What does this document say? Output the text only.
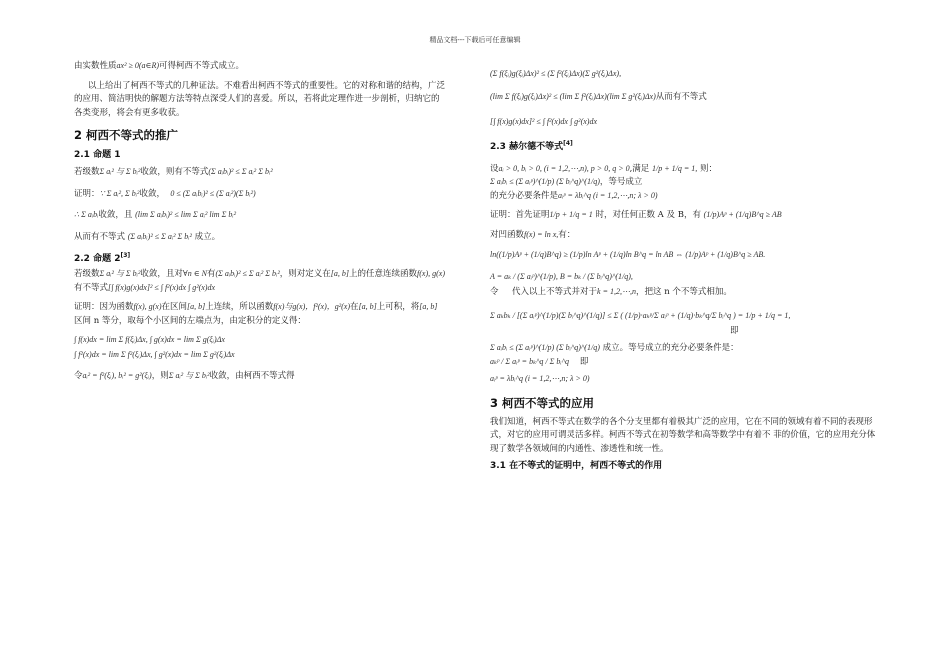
精品文档---下载后可任意编辑

由实数性质ax² ≥ 0(a∈R)可得柯西不等式成立。

以上给出了柯西不等式的几种证法。不难看出柯西不等式的重要性。它的对称和谐的结构，广泛的应用、简洁明快的解题方法等特点深受人们的喜爱。所以，若将此定理作进一步剖析，归纳它的各类变形，将会有更多收获。

2 柯西不等式的推广
2.1 命题 1

若级数Σ aᵢ² 与 Σ bᵢ²收敛，则有不等式(Σ aᵢbᵢ)² ≤ Σ aᵢ² Σ bᵢ²

证明：∵ Σ aᵢ², Σ bᵢ²收敛， 0 ≤ (Σ aᵢbᵢ)² ≤ (Σ aᵢ²)(Σ bᵢ²)

∴ Σ aᵢbᵢ收敛，且 (lim Σ aᵢbᵢ)² ≤ lim Σ aᵢ² lim Σ bᵢ²

从而有不等式 (Σ aᵢbᵢ)² ≤ Σ aᵢ² Σ bᵢ² 成立。

2.2 命题 2[3]

若级数Σ aᵢ² 与 Σ bᵢ²收敛，且对∀n ∈ N有(Σ aᵢbᵢ)² ≤ Σ aᵢ² Σ bᵢ²，则对定义在[a, b]上的任意连续函数f(x), g(x)有不等式[∫ f(x)g(x)dx]² ≤ ∫ f²(x)dx ∫ g²(x)dx

证明：因为函数f(x), g(x)在区间[a, b]上连续，所以函数f(x)与g(x)，f²(x)，g²(x)在[a, b]上可积，将[a, b]区间 n 等分，取每个小区间的左端点为，由定积分的定义得：

∫ f(x)dx = lim Σ f(ξᵢ)Δx, ∫ g(x)dx = lim Σ g(ξᵢ)Δx
∫ f²(x)dx = lim Σ f²(ξᵢ)Δx, ∫ g²(x)dx = lim Σ g²(ξᵢ)Δx

令aᵢ² = f²(ξᵢ), bᵢ² = g²(ξᵢ)，则Σ aᵢ² 与 Σ bᵢ²收敛，由柯西不等式得

(Σ f(ξᵢ)g(ξᵢ)Δx)² ≤ (Σ f²(ξᵢ)Δx)(Σ g²(ξᵢ)Δx),

(lim Σ f(ξᵢ)g(ξᵢ)Δx)² ≤ (lim Σ f²(ξᵢ)Δx)(lim Σ g²(ξᵢ)Δx)从而有不等式

[∫ f(x)g(x)dx]² ≤ ∫ f²(x)dx ∫ g²(x)dx
2.3 赫尔德不等式[4]

设aᵢ > 0, bᵢ > 0, (i = 1,2,⋯,n), p > 0, q > 0,满足 1/p + 1/q = 1, 则：

Σ aᵢbᵢ ≤ (Σ aᵢᵖ)^(1/p) (Σ bᵢ^q)^(1/q)，等号成立

的充分必要条件是aᵢᵖ = λbᵢ^q (i = 1,2,⋯,n; λ > 0)

证明：首先证明1/p + 1/q = 1 时，对任何正数 A 及 B，有 (1/p)Aᵖ + (1/q)B^q ≥ AB

对凹函数f(x) = ln x,有：

ln((1/p)Aᵖ + (1/q)B^q) ≥ (1/p)ln Aᵖ + (1/q)ln B^q = ln AB ⇔ (1/p)Aᵖ + (1/q)B^q ≥ AB.
A = aₖ / (Σ aᵢᵖ)^(1/p), B = bₖ / (Σ bᵢ^q)^(1/q),

令 代入以上不等式并对于k = 1,2,⋯,n，把这 n 个不等式相加。

Σ aₖbₖ / [(Σ aᵢᵖ)^(1/p)(Σ bᵢ^q)^(1/q)] ≤ Σ ( (1/p)·aₖᵖ/Σ aᵢᵖ + (1/q)·bₖ^q/Σ bᵢ^q ) = 1/p + 1/q = 1,
即

Σ aᵢbᵢ ≤ (Σ aᵢᵖ)^(1/p) (Σ bᵢ^q)^(1/q) 成立。等号成立的充分必要条件是：

aₖᵖ / Σ aᵢᵖ = bₖ^q / Σ bᵢ^q 即

aᵢᵖ = λbᵢ^q (i = 1,2,⋯,n; λ > 0)
3 柯西不等式的应用

我们知道，柯西不等式在数学的各个分支里都有着极其广泛的应用，它在不同的领域有着不同的表现形式，对它的应用可谓灵活多样。柯西不等式在初等数学和高等数学中有着不 菲的价值，它的应用充分体现了数学各领域间的内通性、渗透性和统一性。

3.1 在不等式的证明中，柯西不等式的作用
